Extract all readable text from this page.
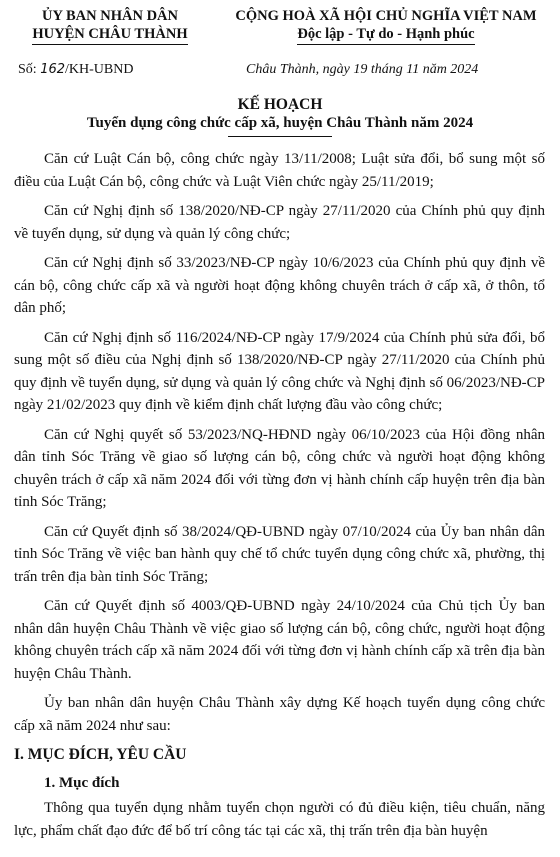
ỦY BAN NHÂN DÂN
HUYỆN CHÂU THÀNH
CỘNG HOÀ XÃ HỘI CHỦ NGHĨA VIỆT NAM
Độc lập - Tự do - Hạnh phúc
Số: 162/KH-UBND	Châu Thành, ngày 19 tháng 11 năm 2024
KẾ HOẠCH
Tuyển dụng công chức cấp xã, huyện Châu Thành năm 2024

Căn cứ Luật Cán bộ, công chức ngày 13/11/2008; Luật sửa đổi, bổ sung một số điều của Luật Cán bộ, công chức và Luật Viên chức ngày 25/11/2019;

Căn cứ Nghị định số 138/2020/NĐ-CP ngày 27/11/2020 của Chính phủ quy định về tuyển dụng, sử dụng và quản lý công chức;

Căn cứ Nghị định số 33/2023/NĐ-CP ngày 10/6/2023 của Chính phủ quy định về cán bộ, công chức cấp xã và người hoạt động không chuyên trách ở cấp xã, ở thôn, tổ dân phố;

Căn cứ Nghị định số 116/2024/NĐ-CP ngày 17/9/2024 của Chính phủ sửa đổi, bổ sung một số điều của Nghị định số 138/2020/NĐ-CP ngày 27/11/2020 của Chính phủ quy định về tuyển dụng, sử dụng và quản lý công chức và Nghị định số 06/2023/NĐ-CP ngày 21/02/2023 quy định về kiểm định chất lượng đầu vào công chức;

Căn cứ Nghị quyết số 53/2023/NQ-HĐND ngày 06/10/2023 của Hội đồng nhân dân tỉnh Sóc Trăng về giao số lượng cán bộ, công chức và người hoạt động không chuyên trách ở cấp xã năm 2024 đối với từng đơn vị hành chính cấp huyện trên địa bàn tỉnh Sóc Trăng;

Căn cứ Quyết định số 38/2024/QĐ-UBND ngày 07/10/2024 của Ủy ban nhân dân tỉnh Sóc Trăng về việc ban hành quy chế tổ chức tuyển dụng công chức xã, phường, thị trấn trên địa bàn tỉnh Sóc Trăng;

Căn cứ Quyết định số 4003/QĐ-UBND ngày 24/10/2024 của Chủ tịch Ủy ban nhân dân huyện Châu Thành về việc giao số lượng cán bộ, công chức, người hoạt động không chuyên trách cấp xã năm 2024 đối với từng đơn vị hành chính cấp xã trên địa bàn huyện Châu Thành.

Ủy ban nhân dân huyện Châu Thành xây dựng Kế hoạch tuyển dụng công chức cấp xã năm 2024 như sau:

I. MỤC ĐÍCH, YÊU CẦU
1. Mục đích

Thông qua tuyển dụng nhằm tuyển chọn người có đủ điều kiện, tiêu chuẩn, năng lực, phẩm chất đạo đức để bố trí công tác tại các xã, thị trấn trên địa bàn huyện
